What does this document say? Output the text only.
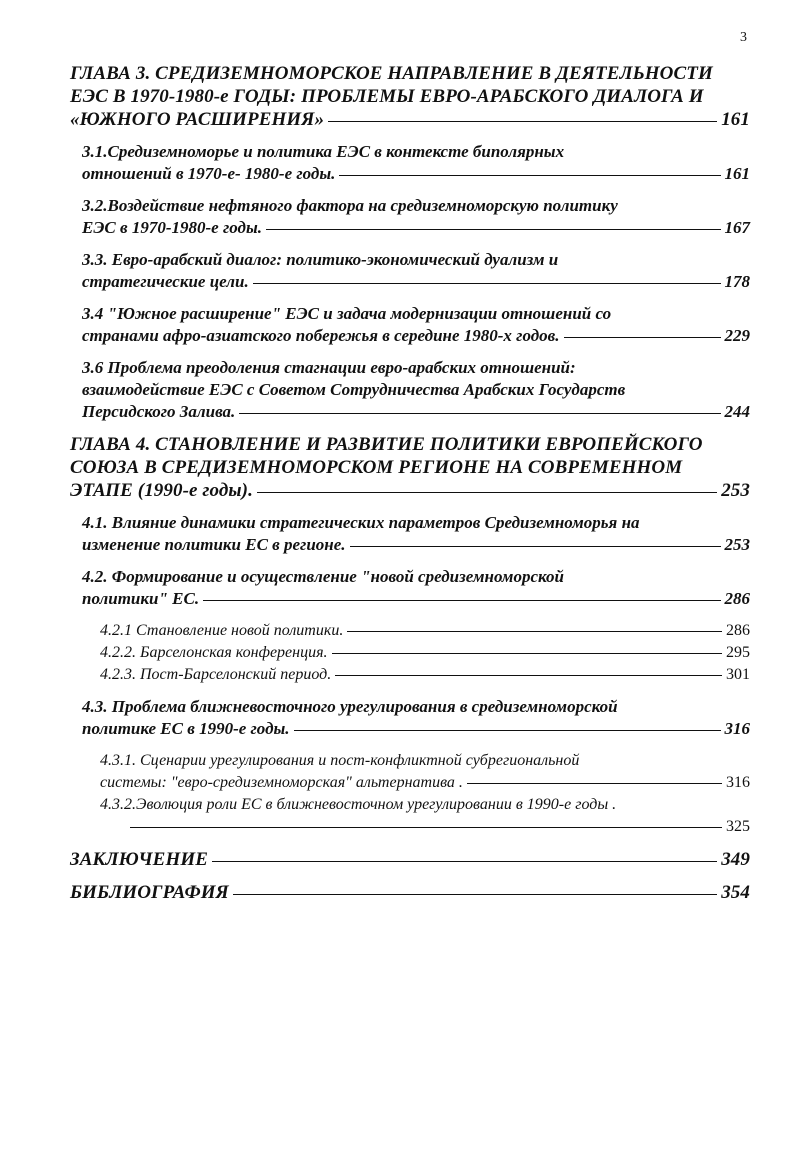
3
ГЛАВА 3. СРЕДИЗЕМНОМОРСКОЕ НАПРАВЛЕНИЕ В ДЕЯТЕЛЬНОСТИ
ЕЭС В 1970-1980-е ГОДЫ: ПРОБЛЕМЫ ЕВРО-АРАБСКОГО ДИАЛОГА И
«ЮЖНОГО РАСШИРЕНИЯ»	161
3.1.Средиземноморье и политика ЕЭС в контексте биполярных
отношений в 1970-е- 1980-е годы.	161
3.2.Воздействие нефтяного фактора на средиземноморскую политику
ЕЭС в 1970-1980-е годы.	167
3.3. Евро-арабский диалог: политико-экономический дуализм и
стратегические цели.	178
3.4 "Южное расширение" ЕЭС и задача модернизации отношений со
странами афро-азиатского побережья в середине 1980-х годов.	229
3.6 Проблема преодоления стагнации евро-арабских отношений:
взаимодействие ЕЭС с Советом Сотрудничества Арабских Государств
Персидского Залива.	244
ГЛАВА 4. СТАНОВЛЕНИЕ И РАЗВИТИЕ ПОЛИТИКИ ЕВРОПЕЙСКОГО
СОЮЗА В СРЕДИЗЕМНОМОРСКОМ РЕГИОНЕ НА СОВРЕМЕННОМ
ЭТАПЕ (1990-е годы).	253
4.1. Влияние динамики стратегических параметров Средиземноморья на
изменение политики ЕС в регионе.	253
4.2. Формирование и осуществление "новой средиземноморской
политики" ЕС.	286
4.2.1 Становление новой политики.	286
4.2.2. Барселонская конференция.	295
4.2.3. Пост-Барселонский период.	301
4.3. Проблема ближневосточного урегулирования в средиземноморской
политике ЕС в 1990-е годы.	316
4.3.1. Сценарии урегулирования и пост-конфликтной субрегиональной
системы: "евро-средиземноморская" альтернатива .	316
4.3.2.Эволюция роли ЕС в ближневосточном урегулировании в 1990-е годы .
325
ЗАКЛЮЧЕНИЕ	349
БИБЛИОГРАФИЯ	354
